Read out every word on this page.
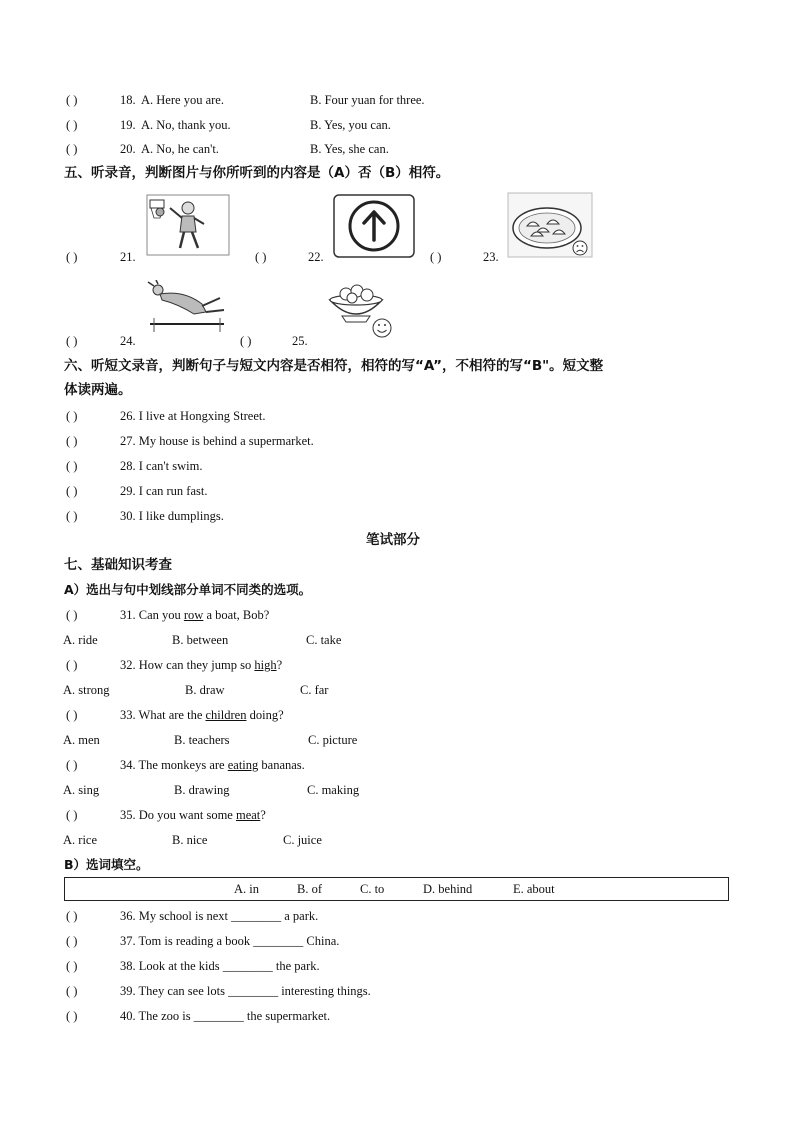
( )	18. A. Here you are.	B. Four yuan for three.
( )	19. A. No, thank you.	B. Yes, you can.
( )	20. A. No, he can't.	B. Yes, she can.
五、听录音，判断图片与你所听到的内容是（A）否（B）相符。
( )	21.	( )	22.	( )	23.
( )	24.	( )	25.
六、听短文录音，判断句子与短文内容是否相符，相符的写“A”，不相符的写“B"。短文整
体读两遍。
( )	26. I live at Hongxing Street.
( )	27. My house is behind a supermarket.
( )	28. I can't swim.
( )	29. I can run fast.
( )	30. I like dumplings.
笔试部分
七、基础知识考查
A）选出与句中划线部分单词不同类的选项。
( )	31. Can you row a boat, Bob?
A. ride	B. between	C. take
( )	32. How can they jump so high?
A. strong	B. draw	C. far
( )	33. What are the children doing?
A. men	B. teachers	C. picture
( )	34. The monkeys are eating bananas.
A. sing	B. drawing	C. making
( )	35. Do you want some meat?
A. rice	B. nice	C. juice
B）选词填空。
A. in	B. of	C. to	D. behind	E. about
( )	36. My school is next ________ a park.
( )	37. Tom is reading a book ________ China.
( )	38. Look at the kids ________ the park.
( )	39. They can see lots ________ interesting things.
( )	40. The zoo is ________ the supermarket.
